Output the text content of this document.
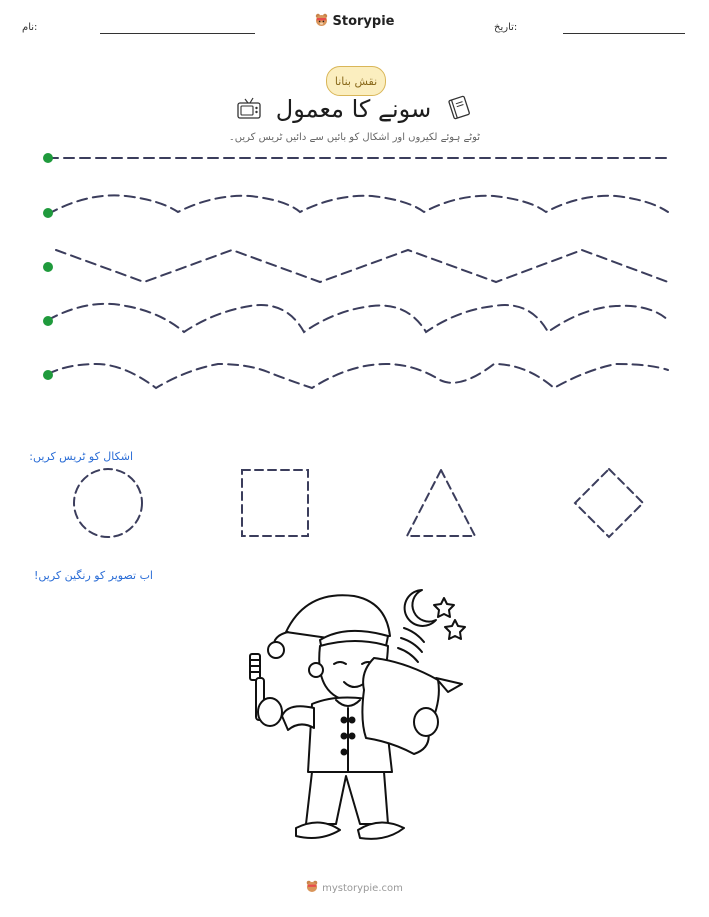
نام:	Storypie	تاریخ:
نقش بنانا
سونے کا معمول
ٹوٹے ہوئے لکیروں اور اشکال کو بائیں سے دائیں ٹریس کریں۔
اشکال کو ٹریس کریں:
اب تصویر کو رنگین کریں!
mystorypie.com
